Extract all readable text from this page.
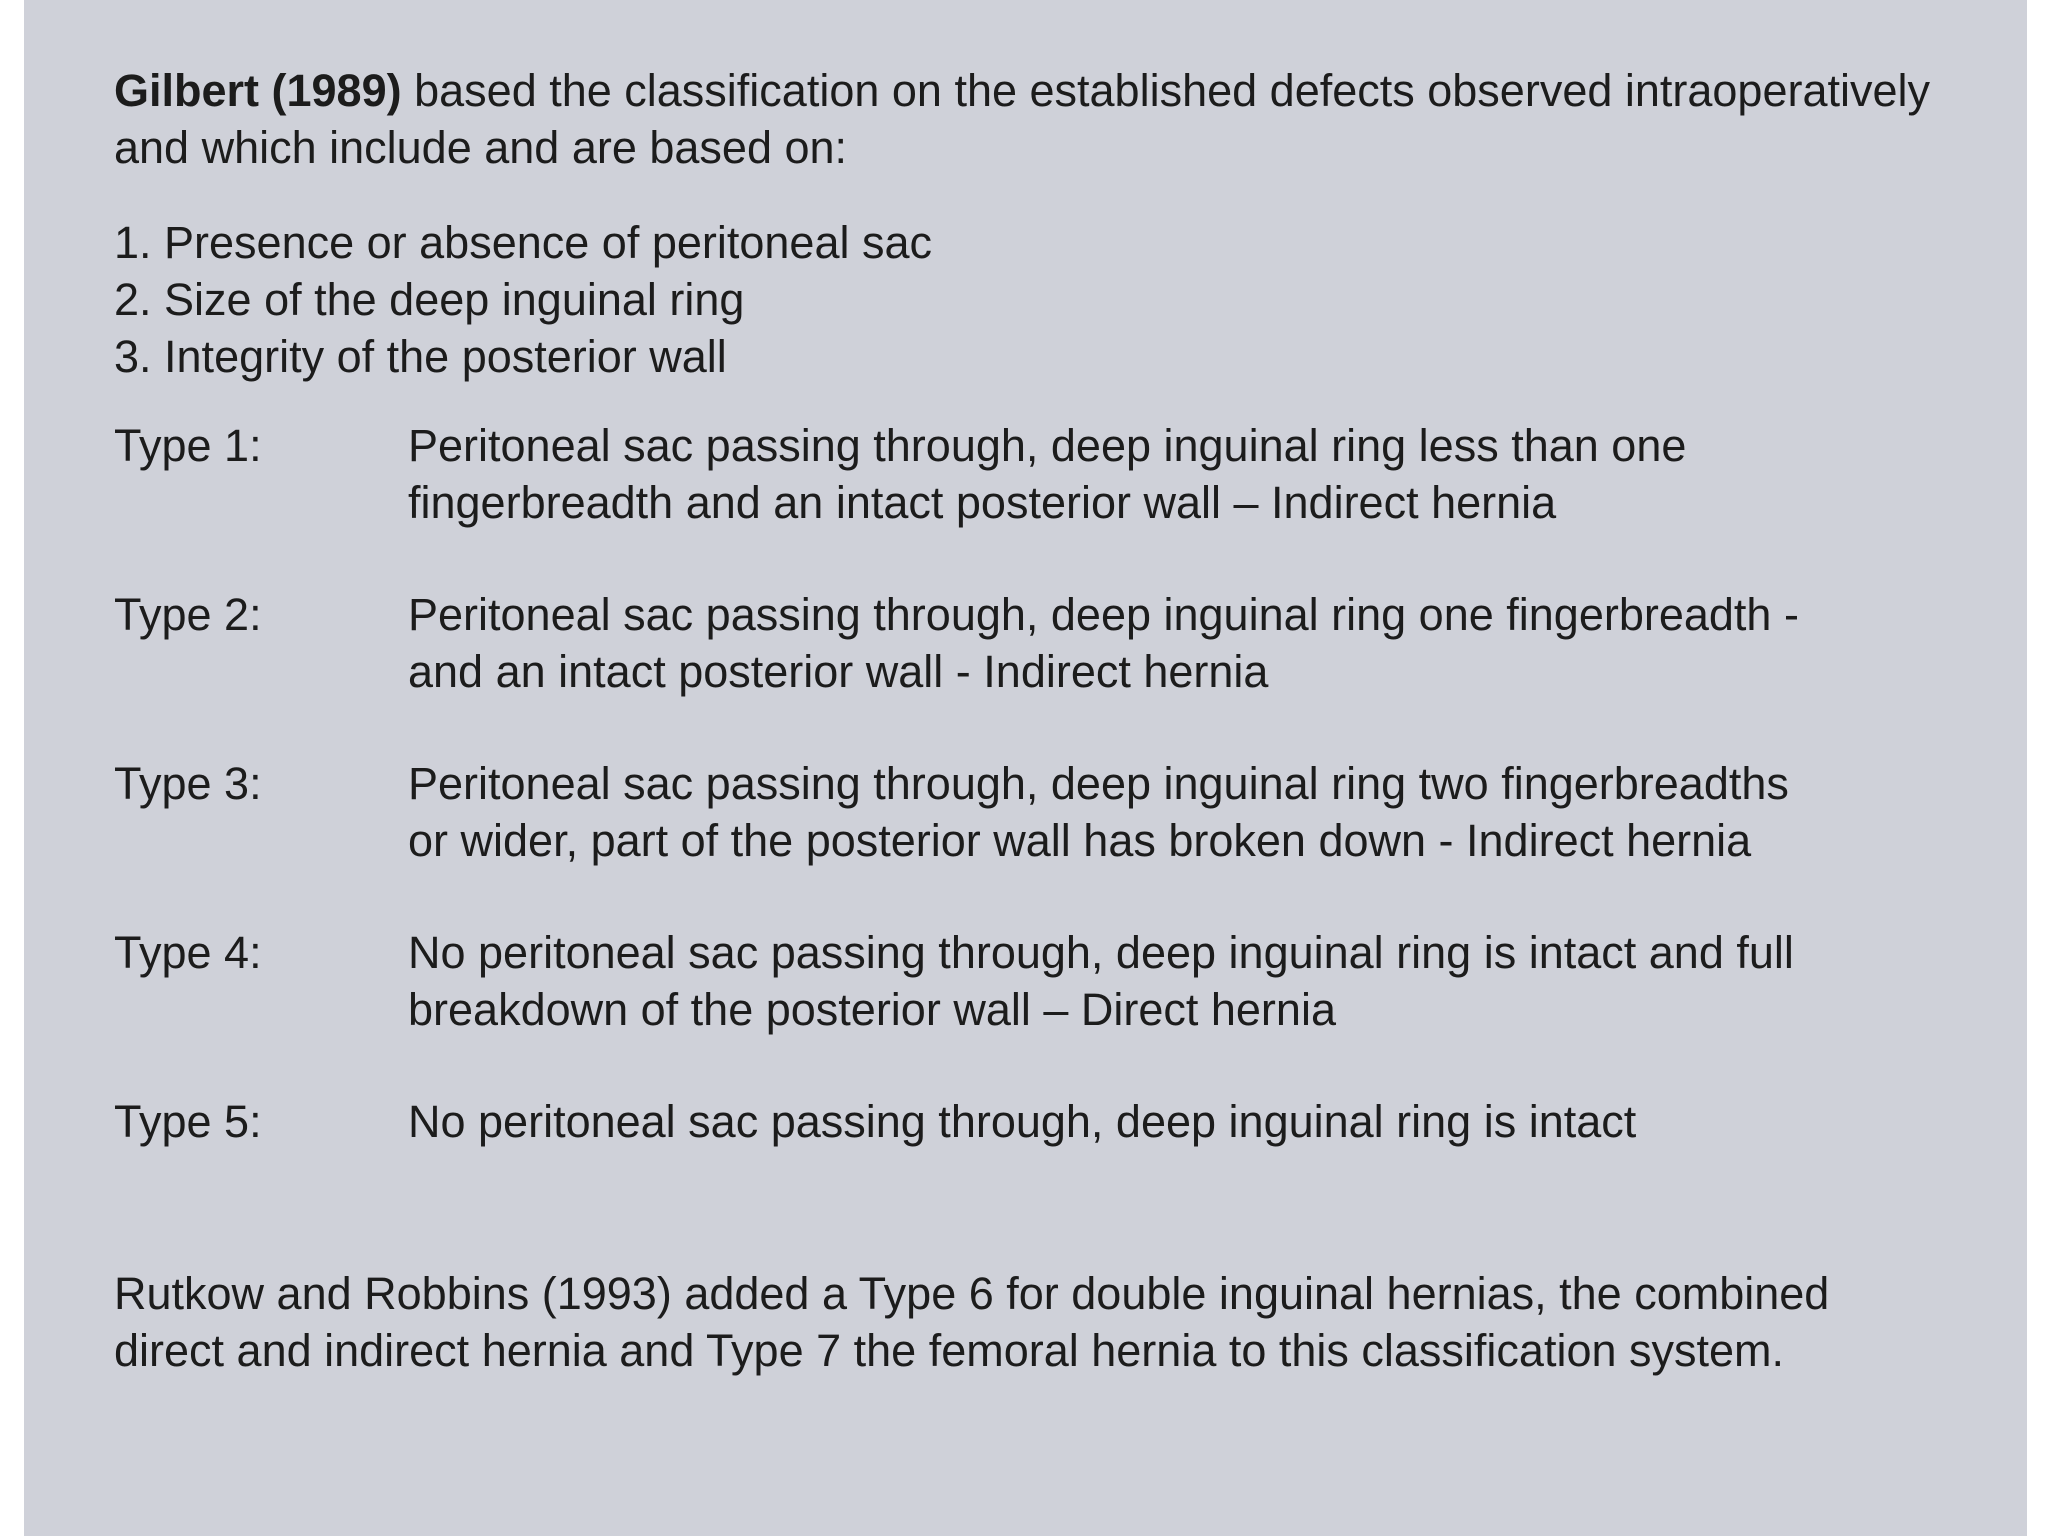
Gilbert (1989) based the classification on the established defects observed intraoperatively and which include and are based on:

1. Presence or absence of peritoneal sac
2. Size of the deep inguinal ring
3. Integrity of the posterior wall
Type 1:	Peritoneal sac passing through, deep inguinal ring less than one
fingerbreadth and an intact posterior wall – Indirect hernia
Type 2:	Peritoneal sac passing through, deep inguinal ring one fingerbreadth -
and an intact posterior wall - Indirect hernia
Type 3:	Peritoneal sac passing through, deep inguinal ring two fingerbreadths
or wider, part of the posterior wall has broken down - Indirect hernia
Type 4:	No peritoneal sac passing through, deep inguinal ring is intact and full
breakdown of the posterior wall – Direct hernia
Type 5:	No peritoneal sac passing through, deep inguinal ring is intact

Rutkow and Robbins (1993) added a Type 6 for double inguinal hernias, the combined direct and indirect hernia and Type 7 the femoral hernia to this classification system.
